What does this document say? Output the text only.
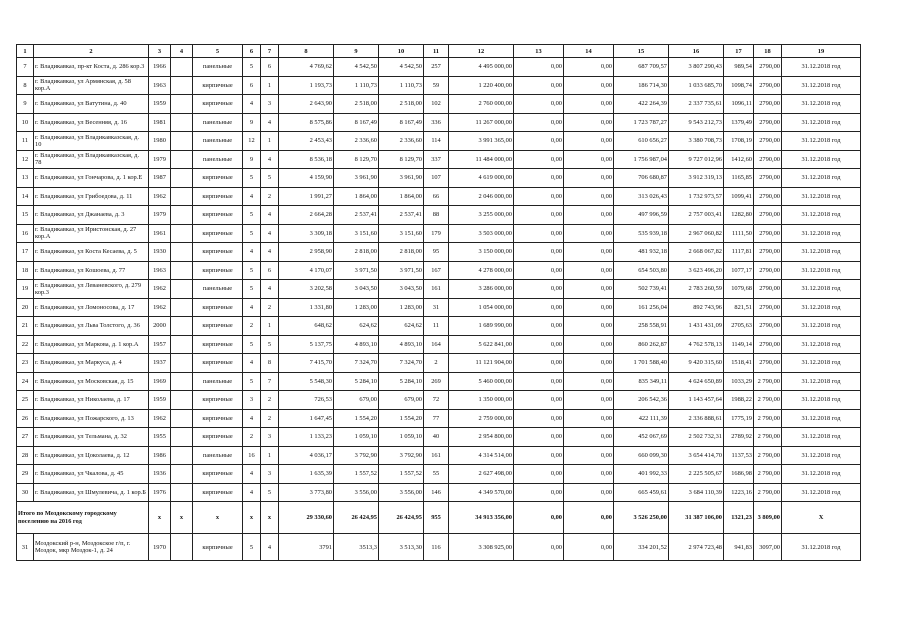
1	2	3	4	5	6	7	8	9	10	11	12	13	14	15	16	17	18	19
7	г. Владикавказ, пр-кт Коста, д. 286 кор.3	1966		панельные	5	6	4 769,62	4 542,50	4 542,50	257	4 495 000,00	0,00	0,00	687 709,57	3 807 290,43	989,54	2790,00	31.12.2018 год
8	г. Владикавказ, ул Армянская, д. 58 кор.А	1963		кирпичные	6	1	1 193,73	1 110,73	1 110,73	59	1 220 400,00	0,00	0,00	186 714,30	1 033 685,70	1098,74	2790,00	31.12.2018 год
9	г. Владикавказ, ул Ватутина, д. 40	1959		кирпичные	4	3	2 643,90	2 518,00	2 518,00	102	2 760 000,00	0,00	0,00	422 264,39	2 337 735,61	1096,11	2790,00	31.12.2018 год
10	г. Владикавказ, ул Весенняя, д. 16	1981		панельные	9	4	8 575,86	8 167,49	8 167,49	336	11 267 000,00	0,00	0,00	1 723 787,27	9 543 212,73	1379,49	2790,00	31.12.2018 год
11	г. Владикавказ, ул Владикавказская, д. 10	1980		панельные	12	1	2 453,43	2 336,60	2 336,60	114	3 991 365,00	0,00	0,00	610 656,27	3 380 708,73	1708,19	2790,00	31.12.2018 год
12	г. Владикавказ, ул Владикавказская, д. 78	1979		панельные	9	4	8 536,18	8 129,70	8 129,70	337	11 484 000,00	0,00	0,00	1 756 987,04	9 727 012,96	1412,60	2790,00	31.12.2018 год
13	г. Владикавказ, ул Гончарова, д. 1 кор.Е	1987		кирпичные	5	5	4 159,90	3 961,90	3 961,90	107	4 619 000,00	0,00	0,00	706 680,87	3 912 319,13	1165,85	2790,00	31.12.2018 год
14	г. Владикавказ, ул Грибоедова, д. 11	1962		кирпичные	4	2	1 991,27	1 864,00	1 864,00	66	2 046 000,00	0,00	0,00	313 026,43	1 732 973,57	1099,41	2790,00	31.12.2018 год
15	г. Владикавказ, ул Джанаева, д. 3	1979		кирпичные	5	4	2 664,28	2 537,41	2 537,41	88	3 255 000,00	0,00	0,00	497 996,59	2 757 003,41	1282,80	2790,00	31.12.2018 год
16	г. Владикавказ, ул Иристонская, д. 27 кор.А	1961		кирпичные	5	4	3 309,18	3 151,60	3 151,60	179	3 503 000,00	0,00	0,00	535 939,18	2 967 060,82	1111,50	2790,00	31.12.2018 год
17	г. Владикавказ, ул Коста Кесаева, д. 5	1930		кирпичные	4	4	2 958,90	2 818,00	2 818,00	95	3 150 000,00	0,00	0,00	481 932,18	2 668 067,82	1117,81	2790,00	31.12.2018 год
18	г. Владикавказ, ул Кошоева, д. 77	1963		кирпичные	5	6	4 170,07	3 971,50	3 971,50	167	4 278 000,00	0,00	0,00	654 503,80	3 623 496,20	1077,17	2790,00	31.12.2018 год
19	г. Владикавказ, ул Леваневского, д. 279 кор.3	1962		панельные	5	4	3 202,58	3 043,50	3 043,50	161	3 286 000,00	0,00	0,00	502 739,41	2 783 260,59	1079,68	2790,00	31.12.2018 год
20	г. Владикавказ, ул Ломоносова, д. 17	1962		кирпичные	4	2	1 331,80	1 283,00	1 283,00	31	1 054 000,00	0,00	0,00	161 256,04	892 743,96	821,51	2790,00	31.12.2018 год
21	г. Владикавказ, ул Льва Толстого, д. 36	2000		кирпичные	2	1	648,62	624,62	624,62	11	1 689 990,00	0,00	0,00	258 558,91	1 431 431,09	2705,63	2790,00	31.12.2018 год
22	г. Владикавказ, ул Маркова, д. 1 кор.А	1957		кирпичные	5	5	5 137,75	4 893,10	4 893,10	164	5 622 841,00	0,00	0,00	860 262,87	4 762 578,13	1149,14	2790,00	31.12.2018 год
23	г. Владикавказ, ул Маркуса, д. 4	1937		кирпичные	4	8	7 415,70	7 324,70	7 324,70	2	11 121 904,00	0,00	0,00	1 701 588,40	9 420 315,60	1518,41	2790,00	31.12.2018 год
24	г. Владикавказ, ул Московская, д. 15	1969		панельные	5	7	5 548,30	5 284,10	5 284,10	269	5 460 000,00	0,00	0,00	835 349,11	4 624 650,89	1033,29	2 790,00	31.12.2018 год
25	г. Владикавказ, ул Николаева, д. 17	1959		кирпичные	3	2	726,53	679,00	679,00	72	1 350 000,00	0,00	0,00	206 542,36	1 143 457,64	1988,22	2 790,00	31.12.2018 год
26	г. Владикавказ, ул Пожарского, д. 13	1962		кирпичные	4	2	1 647,45	1 554,20	1 554,20	77	2 759 000,00	0,00	0,00	422 111,39	2 336 888,61	1775,19	2 790,00	31.12.2018 год
27	г. Владикавказ, ул Тельмана, д. 32	1955		кирпичные	2	3	1 133,23	1 059,10	1 059,10	40	2 954 800,00	0,00	0,00	452 067,69	2 502 732,31	2789,92	2 790,00	31.12.2018 год
28	г. Владикавказ, ул Цоколаева, д. 12	1986		панельные	16	1	4 036,17	3 792,90	3 792,90	161	4 314 514,00	0,00	0,00	660 099,30	3 654 414,70	1137,53	2 790,00	31.12.2018 год
29	г. Владикавказ, ул Чкалова, д. 45	1936		кирпичные	4	3	1 635,39	1 557,52	1 557,52	55	2 627 498,00	0,00	0,00	401 992,33	2 225 505,67	1686,98	2 790,00	31.12.2018 год
30	г. Владикавказ, ул Шмулевича, д. 1 кор.Б	1976		кирпичные	4	5	3 773,80	3 556,00	3 556,00	146	4 349 570,00	0,00	0,00	665 459,61	3 684 110,39	1223,16	2 790,00	31.12.2018 год
Итого по Моздокскому городскому поселению на 2016 год		x	x	x	x	x	29 330,60	26 424,95	26 424,95	955	34 913 356,00	0,00	0,00	3 526 250,00	31 387 106,00	1321,23	3 809,00	X
31	Моздокский р-н, Моздокское г/п, г. Моздок, мкр Моздок-1, д. 24	1970		кирпичные	5	4	3791	3513,3	3 513,30	116	3 308 925,00	0,00	0,00	334 201,52	2 974 723,48	941,83	3097,00	31.12.2018 год
